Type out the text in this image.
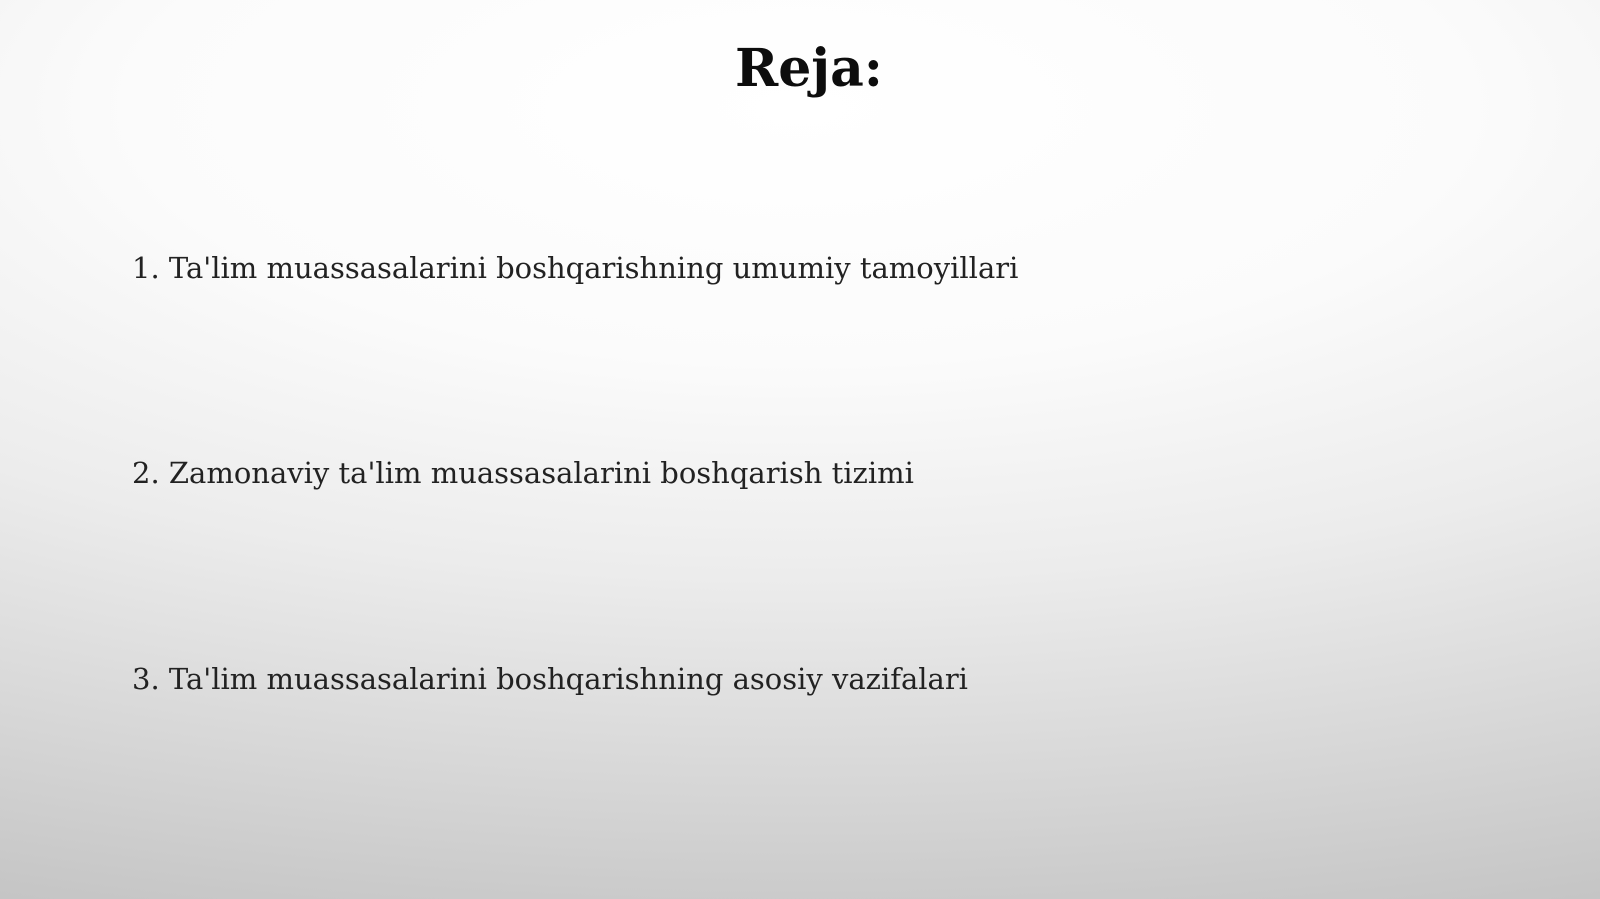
Reja:
1. Ta'lim muassasalarini boshqarishning umumiy tamoyillari
2. Zamonaviy ta'lim muassasalarini boshqarish tizimi
3. Ta'lim muassasalarini boshqarishning asosiy vazifalari
